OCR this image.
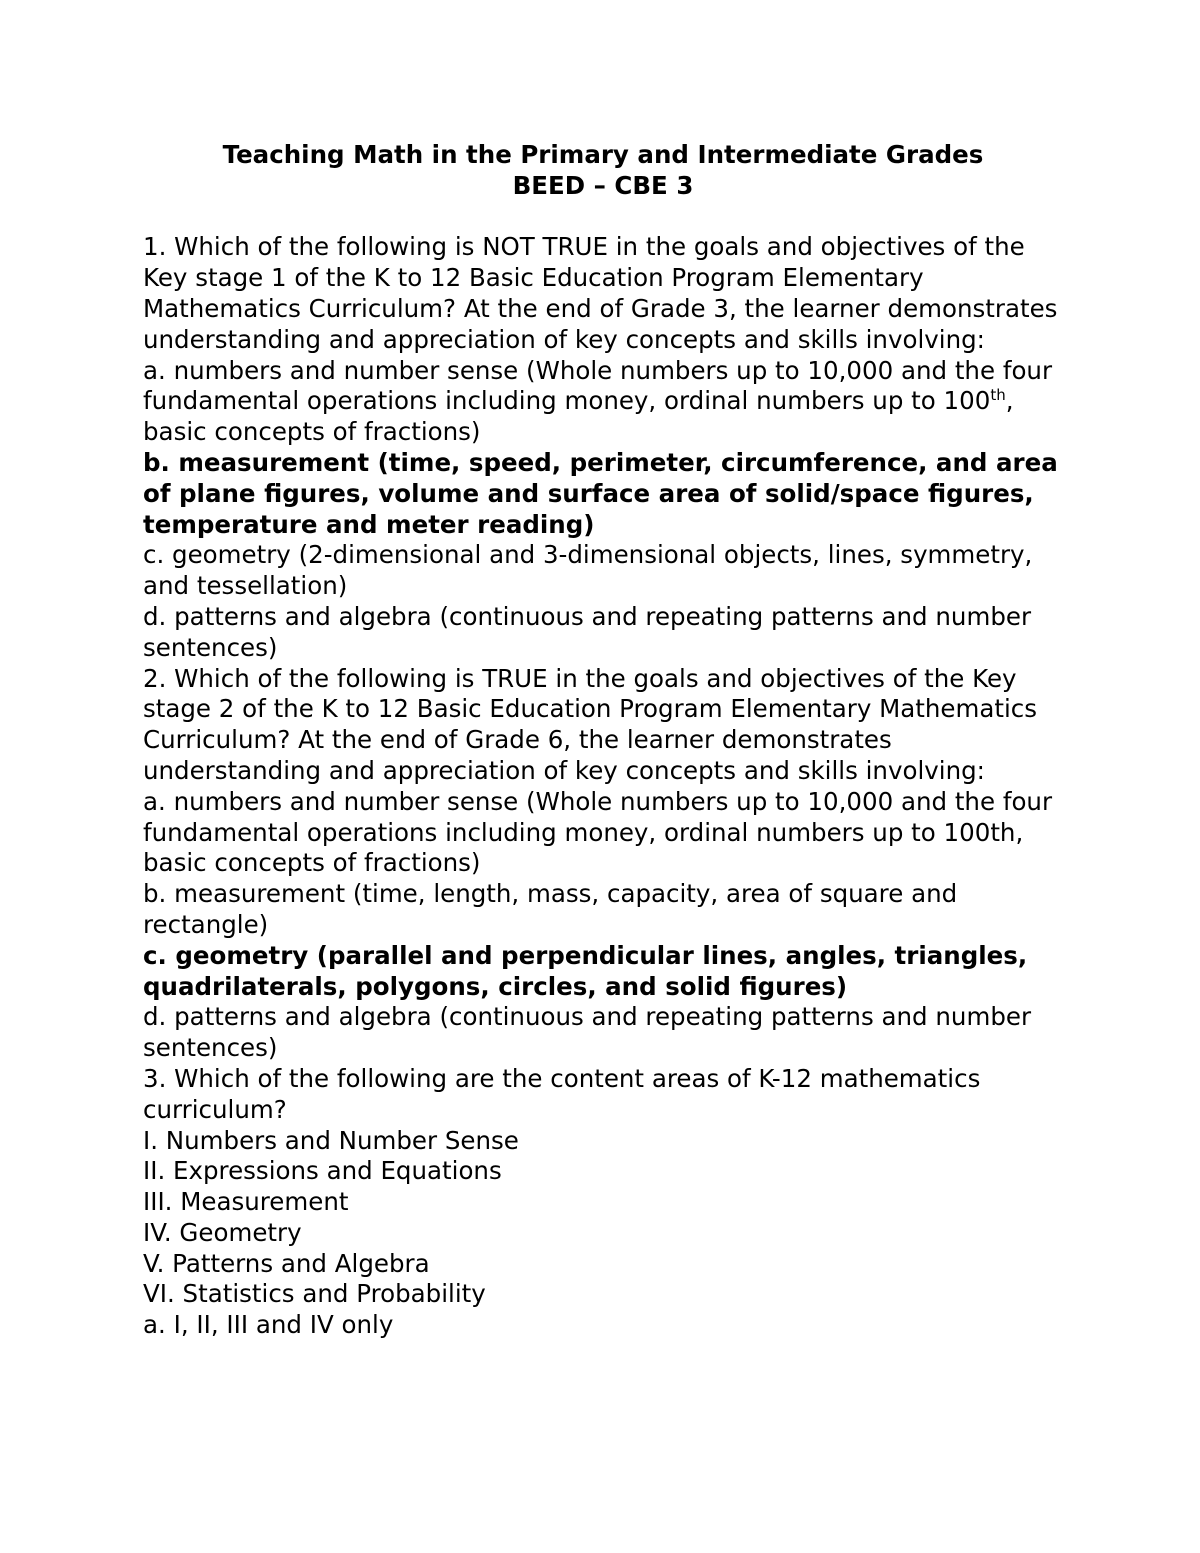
Teaching Math in the Primary and Intermediate Grades
BEED – CBE 3
1. Which of the following is NOT TRUE in the goals and objectives of the Key stage 1 of the K to 12 Basic Education Program Elementary Mathematics Curriculum? At the end of Grade 3, the learner demonstrates understanding and appreciation of key concepts and skills involving:
a. numbers and number sense (Whole numbers up to 10,000 and the four fundamental operations including money, ordinal numbers up to 100th, basic concepts of fractions)
b. measurement (time, speed, perimeter, circumference, and area of plane figures, volume and surface area of solid/space figures, temperature and meter reading)
c. geometry (2-dimensional and 3-dimensional objects, lines, symmetry, and tessellation)
d. patterns and algebra (continuous and repeating patterns and number sentences)
2. Which of the following is TRUE in the goals and objectives of the Key stage 2 of the K to 12 Basic Education Program Elementary Mathematics Curriculum? At the end of Grade 6, the learner demonstrates understanding and appreciation of key concepts and skills involving:
a. numbers and number sense (Whole numbers up to 10,000 and the four fundamental operations including money, ordinal numbers up to 100th, basic concepts of fractions)
b. measurement (time, length, mass, capacity, area of square and rectangle)
c. geometry (parallel and perpendicular lines, angles, triangles, quadrilaterals, polygons, circles, and solid figures)
d. patterns and algebra (continuous and repeating patterns and number sentences)
3. Which of the following are the content areas of K-12 mathematics curriculum?
I. Numbers and Number Sense
II. Expressions and Equations
III. Measurement
IV. Geometry
V. Patterns and Algebra
VI. Statistics and Probability
a. I, II, III and IV only
